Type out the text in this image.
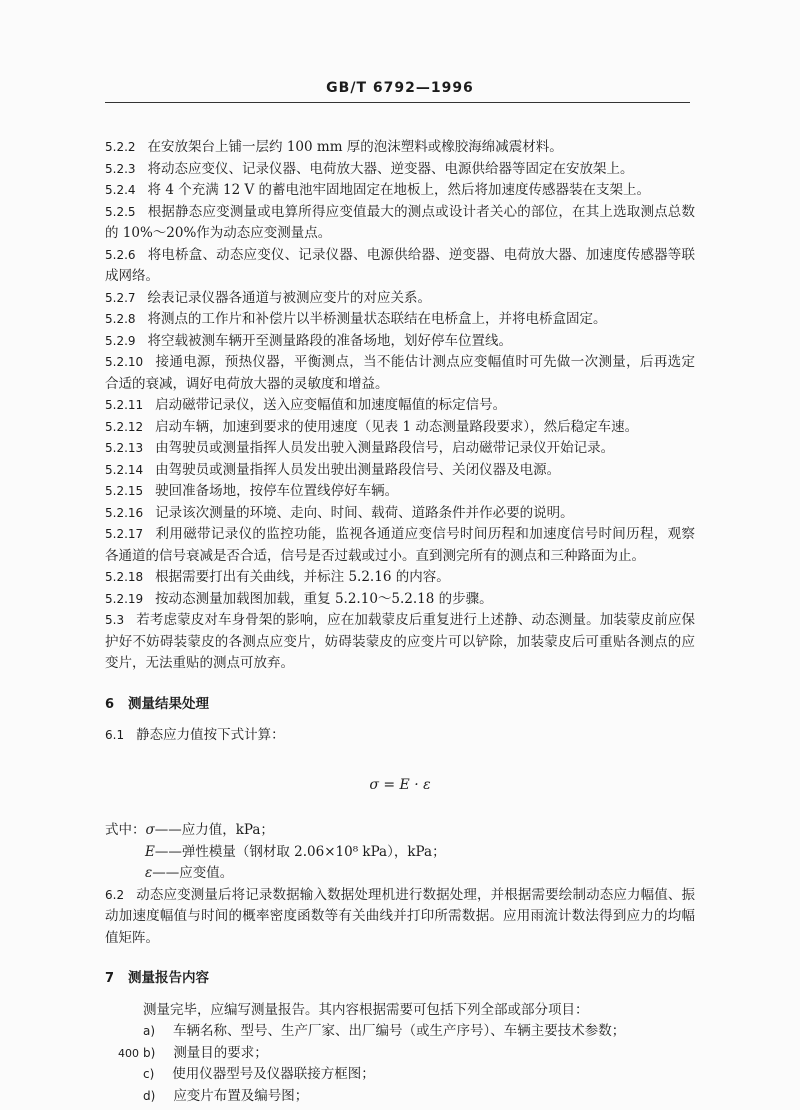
GB/T 6792—1996

5.2.2 在安放架台上铺一层约 100 mm 厚的泡沫塑料或橡胶海绵减震材料。

5.2.3 将动态应变仪、记录仪器、电荷放大器、逆变器、电源供给器等固定在安放架上。

5.2.4 将 4 个充满 12 V 的蓄电池牢固地固定在地板上，然后将加速度传感器装在支架上。

5.2.5 根据静态应变测量或电算所得应变值最大的测点或设计者关心的部位，在其上选取测点总数的 10%～20%作为动态应变测量点。

5.2.6 将电桥盒、动态应变仪、记录仪器、电源供给器、逆变器、电荷放大器、加速度传感器等联成网络。

5.2.7 绘表记录仪器各通道与被测应变片的对应关系。

5.2.8 将测点的工作片和补偿片以半桥测量状态联结在电桥盒上，并将电桥盒固定。

5.2.9 将空载被测车辆开至测量路段的准备场地，划好停车位置线。

5.2.10 接通电源，预热仪器，平衡测点，当不能估计测点应变幅值时可先做一次测量，后再选定合适的衰减，调好电荷放大器的灵敏度和增益。

5.2.11 启动磁带记录仪，送入应变幅值和加速度幅值的标定信号。

5.2.12 启动车辆，加速到要求的使用速度（见表 1 动态测量路段要求），然后稳定车速。

5.2.13 由驾驶员或测量指挥人员发出驶入测量路段信号，启动磁带记录仪开始记录。

5.2.14 由驾驶员或测量指挥人员发出驶出测量路段信号、关闭仪器及电源。

5.2.15 驶回准备场地，按停车位置线停好车辆。

5.2.16 记录该次测量的环境、走向、时间、载荷、道路条件并作必要的说明。

5.2.17 利用磁带记录仪的监控功能，监视各通道应变信号时间历程和加速度信号时间历程，观察各通道的信号衰减是否合适，信号是否过载或过小。直到测完所有的测点和三种路面为止。

5.2.18 根据需要打出有关曲线，并标注 5.2.16 的内容。

5.2.19 按动态测量加载图加载，重复 5.2.10～5.2.18 的步骤。

5.3 若考虑蒙皮对车身骨架的影响，应在加载蒙皮后重复进行上述静、动态测量。加装蒙皮前应保护好不妨碍装蒙皮的各测点应变片，妨碍装蒙皮的应变片可以铲除，加装蒙皮后可重贴各测点的应变片，无法重贴的测点可放弃。

6 测量结果处理

6.1 静态应力值按下式计算：

σ = E · ε

式中：σ——应力值，kPa；

E——弹性模量（钢材取 2.06×10⁸ kPa），kPa；

ε——应变值。

6.2 动态应变测量后将记录数据输入数据处理机进行数据处理，并根据需要绘制动态应力幅值、振动加速度幅值与时间的概率密度函数等有关曲线并打印所需数据。应用雨流计数法得到应力的均幅值矩阵。

7 测量报告内容

测量完毕，应编写测量报告。其内容根据需要可包括下列全部或部分项目：

a) 车辆名称、型号、生产厂家、出厂编号（或生产序号）、车辆主要技术参数；

b) 测量目的要求；

c) 使用仪器型号及仪器联接方框图；

d) 应变片布置及编号图；

400
